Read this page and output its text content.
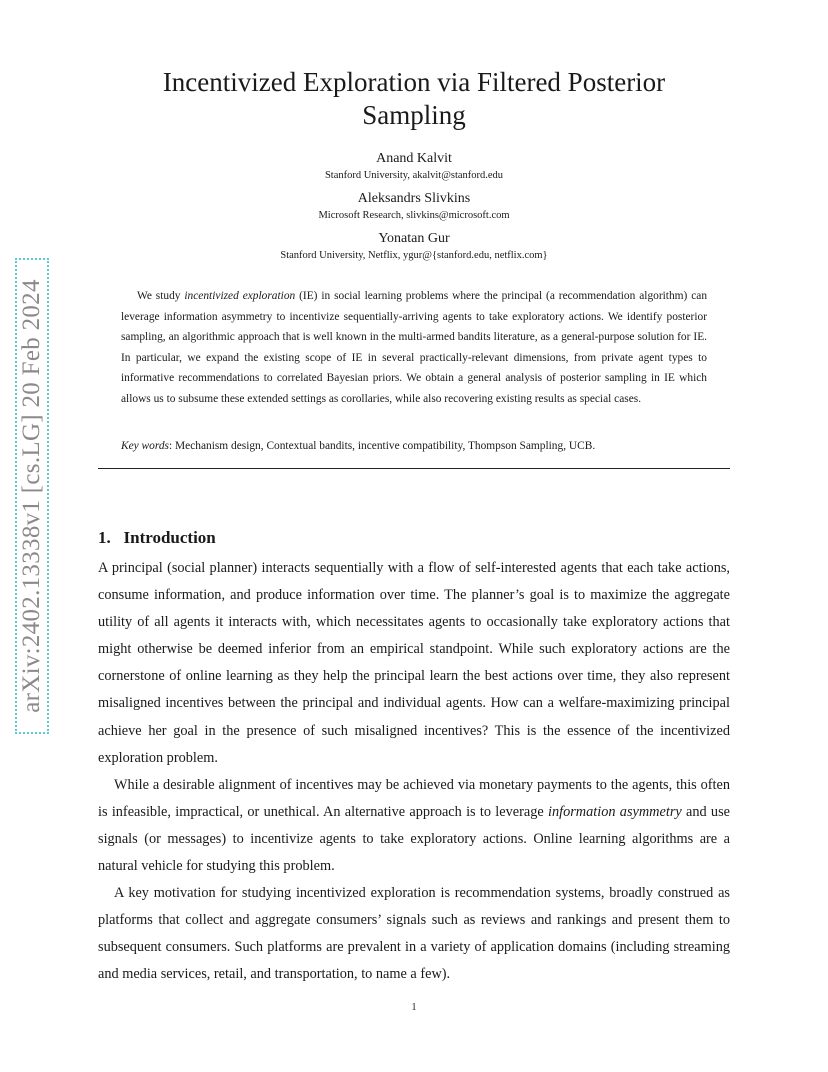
arXiv:2402.13338v1 [cs.LG] 20 Feb 2024
Incentivized Exploration via Filtered Posterior
Sampling
Anand Kalvit
Stanford University, akalvit@stanford.edu
Aleksandrs Slivkins
Microsoft Research, slivkins@microsoft.com
Yonatan Gur
Stanford University, Netflix, ygur@{stanford.edu, netflix.com}

We study incentivized exploration (IE) in social learning problems where the principal (a recommendation algorithm) can leverage information asymmetry to incentivize sequentially-arriving agents to take exploratory actions. We identify posterior sampling, an algorithmic approach that is well known in the multi-armed bandits literature, as a general-purpose solution for IE. In particular, we expand the existing scope of IE in several practically-relevant dimensions, from private agent types to informative recommendations to correlated Bayesian priors. We obtain a general analysis of posterior sampling in IE which allows us to subsume these extended settings as corollaries, while also recovering existing results as special cases.

Key words: Mechanism design, Contextual bandits, incentive compatibility, Thompson Sampling, UCB.
1.   Introduction

A principal (social planner) interacts sequentially with a flow of self-interested agents that each take actions, consume information, and produce information over time. The planner’s goal is to maximize the aggregate utility of all agents it interacts with, which necessitates agents to occasionally take exploratory actions that might otherwise be deemed inferior from an empirical standpoint. While such exploratory actions are the cornerstone of online learning as they help the principal learn the best actions over time, they also represent misaligned incentives between the principal and individual agents. How can a welfare-maximizing principal achieve her goal in the presence of such misaligned incentives? This is the essence of the incentivized exploration problem.

While a desirable alignment of incentives may be achieved via monetary payments to the agents, this often is infeasible, impractical, or unethical. An alternative approach is to leverage information asymmetry and use signals (or messages) to incentivize agents to take exploratory actions. Online learning algorithms are a natural vehicle for studying this problem.

A key motivation for studying incentivized exploration is recommendation systems, broadly construed as platforms that collect and aggregate consumers’ signals such as reviews and rankings and present them to subsequent consumers. Such platforms are prevalent in a variety of application domains (including streaming and media services, retail, and transportation, to name a few).

1
